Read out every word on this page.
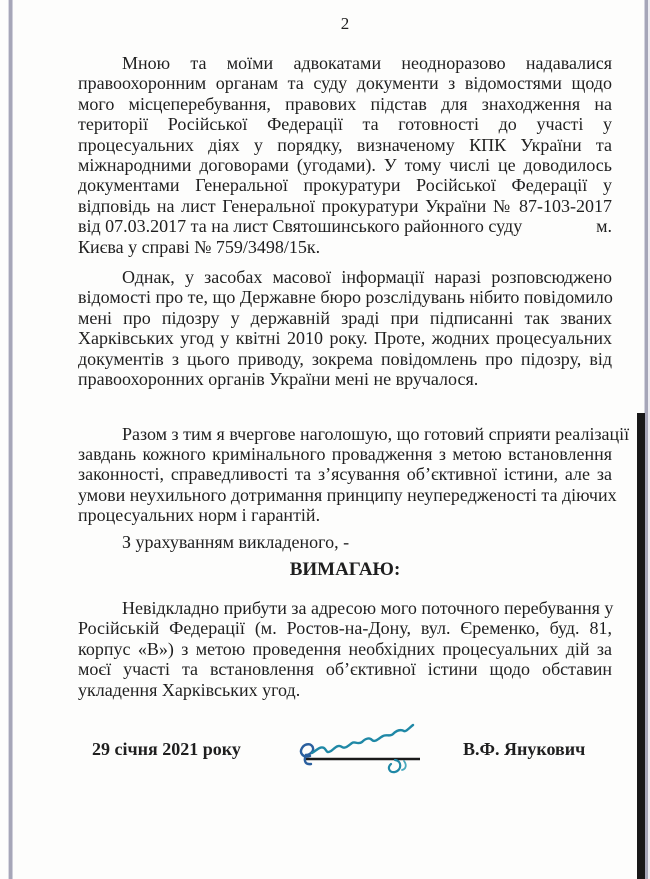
2
Мною та моїми адвокатами неодноразово надавалися
правоохоронним органам та суду документи з відомостями щодо
мого місцеперебування, правових підстав для знаходження на
території Російської Федерації та готовності до участі у
процесуальних діях у порядку, визначеному КПК України та
міжнародними договорами (угодами). У тому числі це доводилось
документами Генеральної прокуратури Російської Федерації у
відповідь на лист Генеральної прокуратури України № 87-103-2017
від 07.03.2017 та на лист Святошинського районного суду	м.
Києва у справі № 759/3498/15к.
Однак, у засобах масової інформації наразі розповсюджено
відомості про те, що Державне бюро розслідувань нібито повідомило
мені про підозру у державній зраді при підписанні так званих
Харківських угод у квітні 2010 року. Проте, жодних процесуальних
документів з цього приводу, зокрема повідомлень про підозру, від
правоохоронних органів України мені не вручалося.
Разом з тим я вчергове наголошую, що готовий сприяти реалізації
завдань кожного кримінального провадження з метою встановлення
законності, справедливості та з’ясування об’єктивної істини, але за
умови неухильного дотримання принципу неупередженості та діючих
процесуальних норм і гарантій.
З урахуванням викладеного, -
ВИМАГАЮ:
Невідкладно прибути за адресою мого поточного перебування у
Російській Федерації (м. Ростов-на-Дону, вул. Єременко, буд. 81,
корпус «В») з метою проведення необхідних процесуальних дій за
моєї участі та встановлення об’єктивної істини щодо обставин
укладення Харківських угод.
29 січня 2021 року	В.Ф. Янукович
